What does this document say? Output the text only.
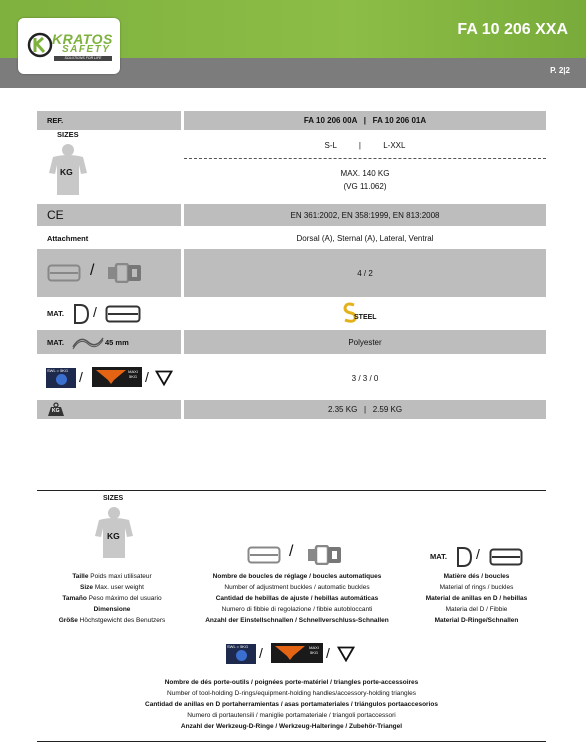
KRATOS
SAFETY
SOLUTIONS FOR LIFE
FA 10 206 XXA
P. 2|2
REF.	FA 10 206 00A   |   FA 10 206 01A
SIZES
KG
S-L          |          L-XXL
MAX. 140 KG
(VG 11.062)
CE	EN 361:2002, EN 358:1999, EN 813:2008
Attachment	Dorsal (A), Sternal (A), Lateral, Ventral
/	4 / 2
MAT. /	STEEL
MAT.	45 mm	Polyester
SWL = 5KG /	MAXI 5KG /	3 / 3 / 0
KG	2.35 KG   |   2.59 KG
SIZES
KG
Taille Poids maxi utilisateur
Size Max. user weight
Tamaño Peso máximo del usuario
Dimensione
Größe Höchstgewicht des Benutzers
/
Nombre de boucles de réglage / boucles automatiques
Number of adjustment buckles / automatic buckles
Cantidad de hebillas de ajuste / hebillas automáticas
Numero di fibbie di regolazione / fibbie autobloccanti
Anzahl der Einstellschnallen / Schnellverschluss-Schnallen
MAT. /
Matière dés / boucles
Material of rings / buckles
Material de anillas en D / hebillas
Materia del D / Fibbie
Material D-Ringe/Schnallen
SWL = 5KG /	MAXI 5KG /
Nombre de dés porte-outils / poignées porte-matériel / triangles porte-accessoires
Number of tool-holding D-rings/equipment-holding handles/accessory-holding triangles
Cantidad de anillas en D portaherramientas / asas portamateriales / triángulos portaaccesorios
Numero di portautensili / maniglie portamateriale / triangoli portaccessori
Anzahl der Werkzeug-D-Ringe / Werkzeug-Halteringe / Zubehör-Triangel
